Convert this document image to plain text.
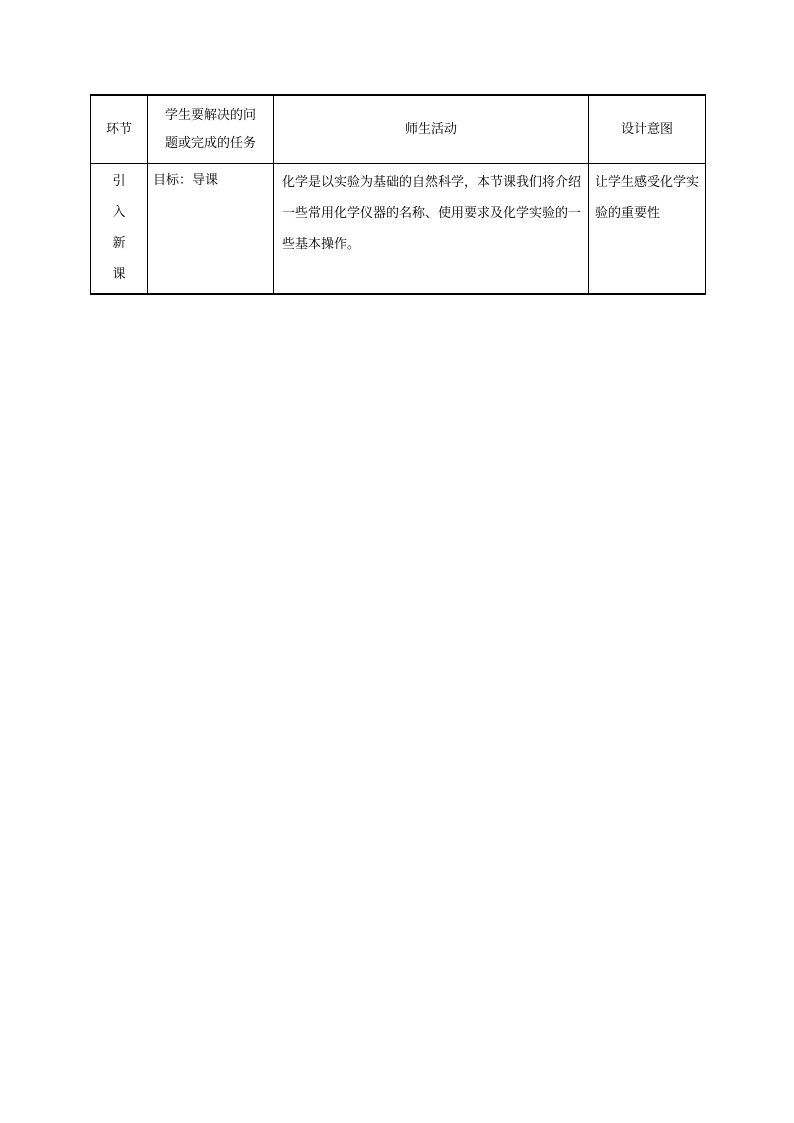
环节	学生要解决的问
题或完成的任务	师生活动	设计意图

引
入
新
课	目标：导课	化学是以实验为基础的自然科学，本节课我们将介绍一些常用化学仪器的名称、使用要求及化学实验的一些基本操作。	让学生感受化学实验的重要性
